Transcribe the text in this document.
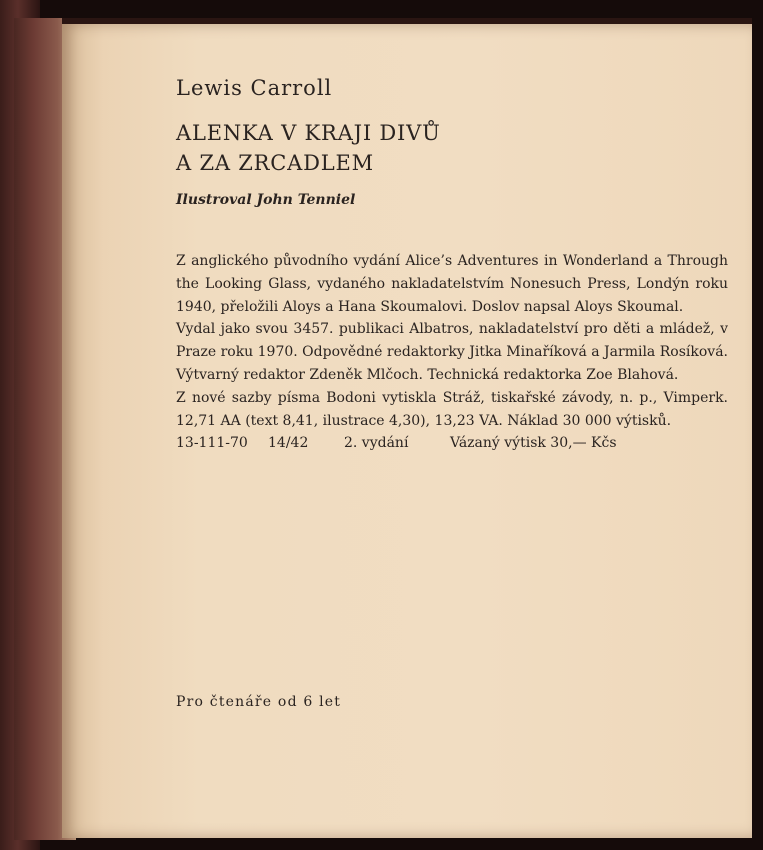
Lewis Carroll
ALENKA V KRAJI DIVŮ
A ZA ZRCADLEM
Ilustroval John Tenniel

Z anglického původního vydání Alice’s Adventures in Wonderland a Through the Looking Glass, vydaného nakladatelstvím Nonesuch Press, Londýn roku 1940, přeložili Aloys a Hana Skoumalovi. Doslov napsal Aloys Skoumal.

Vydal jako svou 3457. publikaci Albatros, nakladatelství pro děti a mládež, v Praze roku 1970. Odpovědné redaktorky Jitka Minaříková a Jarmila Rosíková. Výtvarný redaktor Zdeněk Mlčoch. Technická redaktorka Zoe Blahová.

Z nové sazby písma Bodoni vytiskla Stráž, tiskařské závody, n. p., Vimperk. 12,71 AA (text 8,41, ilustrace 4,30), 13,23 VA. Náklad 30 000 výtisků.

13-111-70 14/42	2. vydání	Vázaný výtisk 30,— Kčs
Pro čtenáře od 6 let
